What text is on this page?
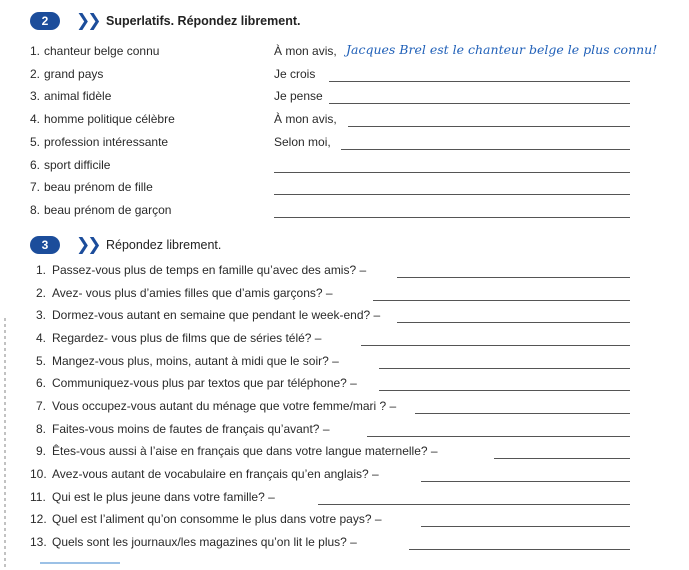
2	❯❯ Superlatifs. Répondez librement.
1. chanteur belge connu	À mon avis, Jacques Brel est le chanteur belge le plus connu!
2. grand pays	Je crois
3. animal fidèle	Je pense
4. homme politique célèbre	À mon avis,
5. profession intéressante	Selon moi,
6. sport difficile
7. beau prénom de fille
8. beau prénom de garçon
3	❯❯ Répondez librement.
1. Passez-vous plus de temps en famille qu’avec des amis? –
2. Avez- vous plus d’amies filles que d’amis garçons? –
3. Dormez-vous autant en semaine que pendant le week-end? –
4. Regardez- vous plus de films que de séries télé? –
5. Mangez-vous plus, moins, autant à midi que le soir? –
6. Communiquez-vous plus par textos que par téléphone? –
7. Vous occupez-vous autant du ménage que votre femme/mari ? –
8. Faites-vous moins de fautes de français qu’avant? –
9. Êtes-vous aussi à l’aise en français que dans votre langue maternelle? –
10. Avez-vous autant de vocabulaire en français qu’en anglais? –
11. Qui est le plus jeune dans votre famille? –
12. Quel est l’aliment qu’on consomme le plus dans votre pays? –
13. Quels sont les journaux/les magazines qu’on lit le plus? –
